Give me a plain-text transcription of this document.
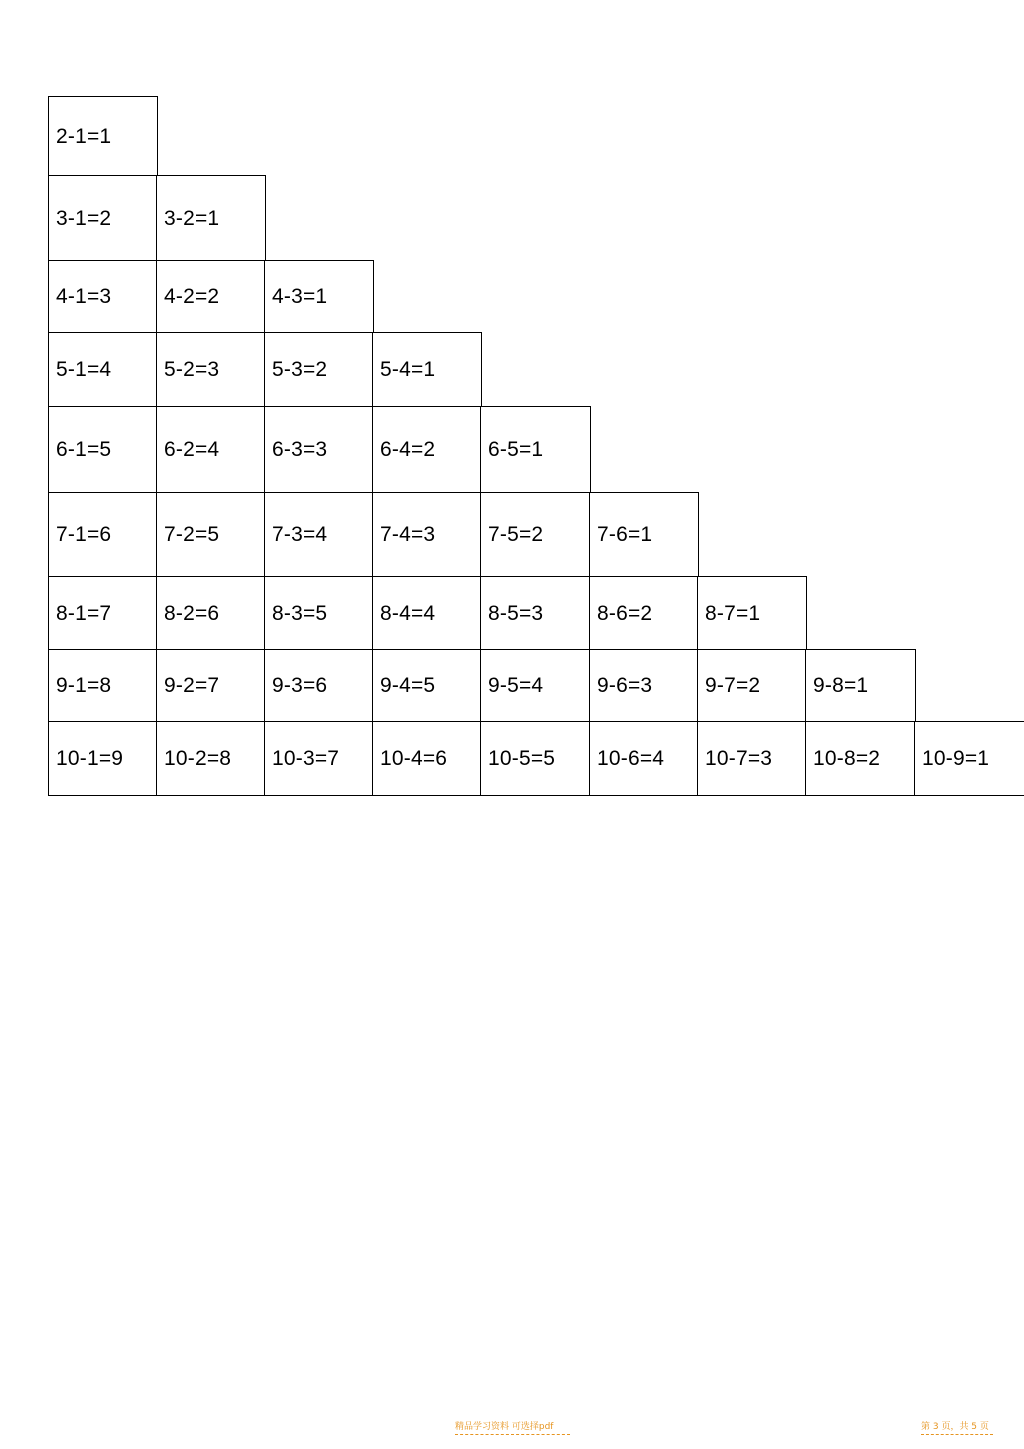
2-1=1
3-1=2	3-2=1
4-1=3	4-2=2	4-3=1
5-1=4	5-2=3	5-3=2	5-4=1
6-1=5	6-2=4	6-3=3	6-4=2	6-5=1
7-1=6	7-2=5	7-3=4	7-4=3	7-5=2	7-6=1
8-1=7	8-2=6	8-3=5	8-4=4	8-5=3	8-6=2	8-7=1
9-1=8	9-2=7	9-3=6	9-4=5	9-5=4	9-6=3	9-7=2	9-8=1
10-1=9 10-2=8 10-3=7 10-4=6 10-5=5 10-6=4 10-7=3 10-8=2 10-9=1
精品学习资料 可选择pdf	第 3 页，共 5 页
